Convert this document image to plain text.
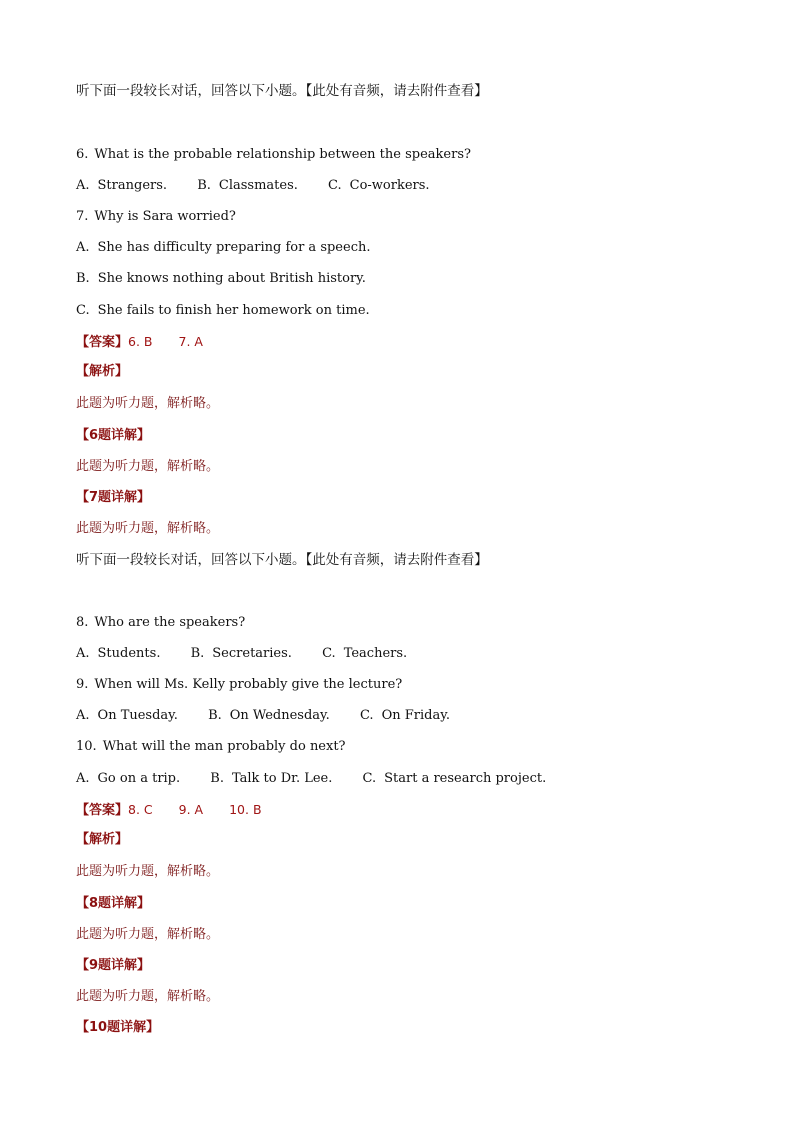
听下面一段较长对话，回答以下小题。【此处有音频，请去附件查看】
6. What is the probable relationship between the speakers?
A. Strangers. B. Classmates. C. Co-workers.
7. Why is Sara worried?
A. She has difficulty preparing for a speech.
B. She knows nothing about British history.
C. She fails to finish her homework on time.
【答案】6. B 7. A
【解析】
此题为听力题，解析略。
【6题详解】
此题为听力题，解析略。
【7题详解】
此题为听力题，解析略。
听下面一段较长对话，回答以下小题。【此处有音频，请去附件查看】
8. Who are the speakers?
A. Students. B. Secretaries. C. Teachers.
9. When will Ms. Kelly probably give the lecture?
A. On Tuesday. B. On Wednesday. C. On Friday.
10. What will the man probably do next?
A. Go on a trip. B. Talk to Dr. Lee. C. Start a research project.
【答案】8. C 9. A 10. B
【解析】
此题为听力题，解析略。
【8题详解】
此题为听力题，解析略。
【9题详解】
此题为听力题，解析略。
【10题详解】
